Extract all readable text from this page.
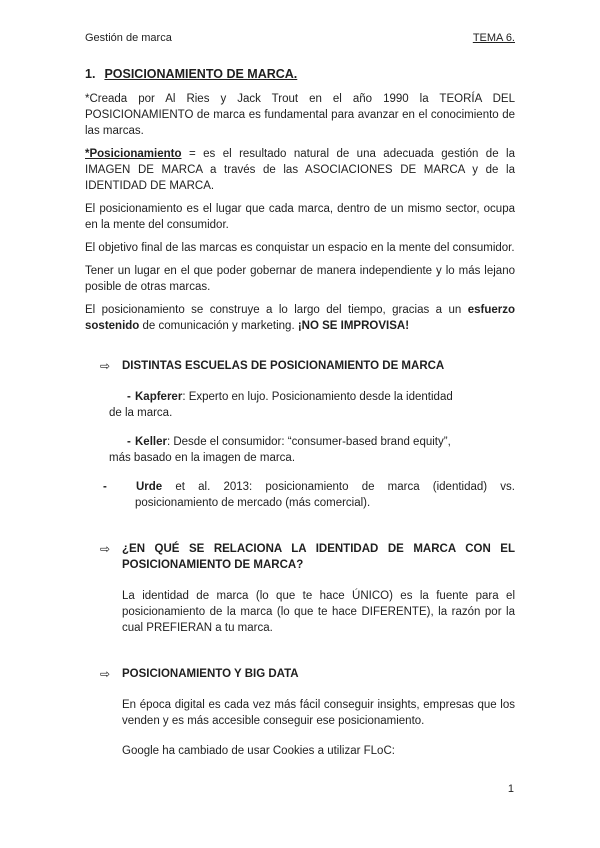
Gestión de marca	TEMA 6.
1. POSICIONAMIENTO DE MARCA.

*Creada por Al Ries y Jack Trout en el año 1990 la TEORÍA DEL POSICIONAMIENTO de marca es fundamental para avanzar en el conocimiento de las marcas.

*Posicionamiento = es el resultado natural de una adecuada gestión de la IMAGEN DE MARCA a través de las ASOCIACIONES DE MARCA y de la IDENTIDAD DE MARCA.

El posicionamiento es el lugar que cada marca, dentro de un mismo sector, ocupa en la mente del consumidor.

El objetivo final de las marcas es conquistar un espacio en la mente del consumidor.

Tener un lugar en el que poder gobernar de manera independiente y lo más lejano posible de otras marcas.

El posicionamiento se construye a lo largo del tiempo, gracias a un esfuerzo sostenido de comunicación y marketing. ¡NO SE IMPROVISA!

⇨	DISTINTAS ESCUELAS DE POSICIONAMIENTO DE MARCA
- Kapferer: Experto en lujo. Posicionamiento desde la identidad
de la marca.
- Keller: Desde el consumidor: “consumer-based brand equity”,
más basado en la imagen de marca.
-	Urde et al. 2013: posicionamiento de marca (identidad) vs. posicionamiento de mercado (más comercial).
⇨	¿EN QUÉ SE RELACIONA LA IDENTIDAD DE MARCA CON EL POSICIONAMIENTO DE MARCA?

La identidad de marca (lo que te hace ÚNICO) es la fuente para el posicionamiento de la marca (lo que te hace DIFERENTE), la razón por la cual PREFIERAN a tu marca.

⇨	POSICIONAMIENTO Y BIG DATA

En época digital es cada vez más fácil conseguir insights, empresas que los venden y es más accesible conseguir ese posicionamiento.

Google ha cambiado de usar Cookies a utilizar FLoC:

1
